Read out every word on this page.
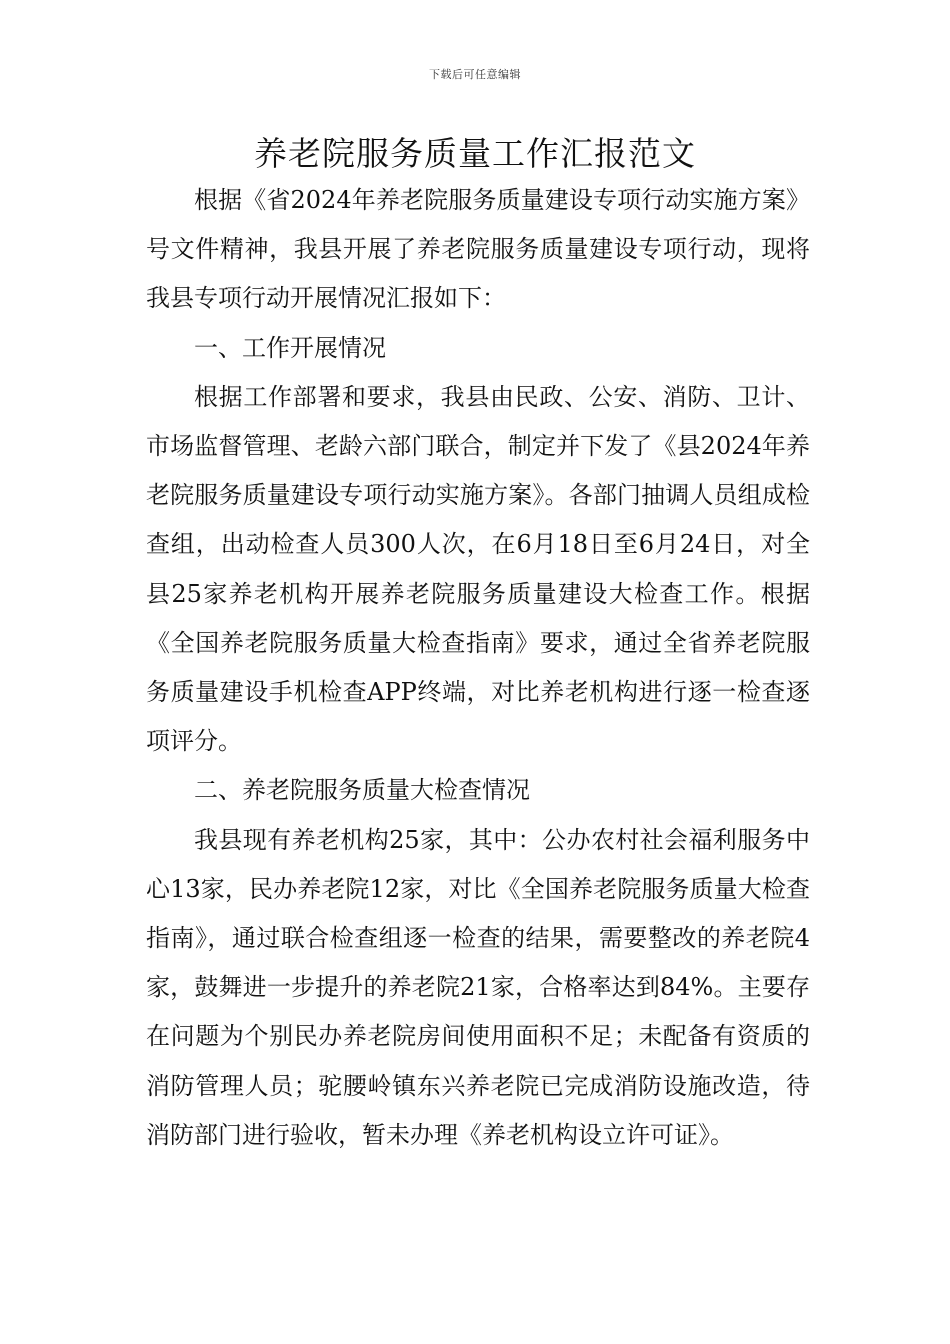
下载后可任意编辑
养老院服务质量工作汇报范文

根据《省2024年养老院服务质量建设专项行动实施方案》号文件精神，我县开展了养老院服务质量建设专项行动，现将我县专项行动开展情况汇报如下：

一、工作开展情况

根据工作部署和要求，我县由民政、公安、消防、卫计、市场监督管理、老龄六部门联合，制定并下发了《县2024年养老院服务质量建设专项行动实施方案》。各部门抽调人员组成检查组，出动检查人员300人次，在6月18日至6月24日，对全县25家养老机构开展养老院服务质量建设大检查工作。根据《全国养老院服务质量大检查指南》要求，通过全省养老院服务质量建设手机检查APP终端，对比养老机构进行逐一检查逐项评分。

二、养老院服务质量大检查情况

我县现有养老机构25家，其中：公办农村社会福利服务中心13家，民办养老院12家，对比《全国养老院服务质量大检查指南》，通过联合检查组逐一检查的结果，需要整改的养老院4家，鼓舞进一步提升的养老院21家，合格率达到84%。主要存在问题为个别民办养老院房间使用面积不足；未配备有资质的消防管理人员；驼腰岭镇东兴养老院已完成消防设施改造，待消防部门进行验收，暂未办理《养老机构设立许可证》。
